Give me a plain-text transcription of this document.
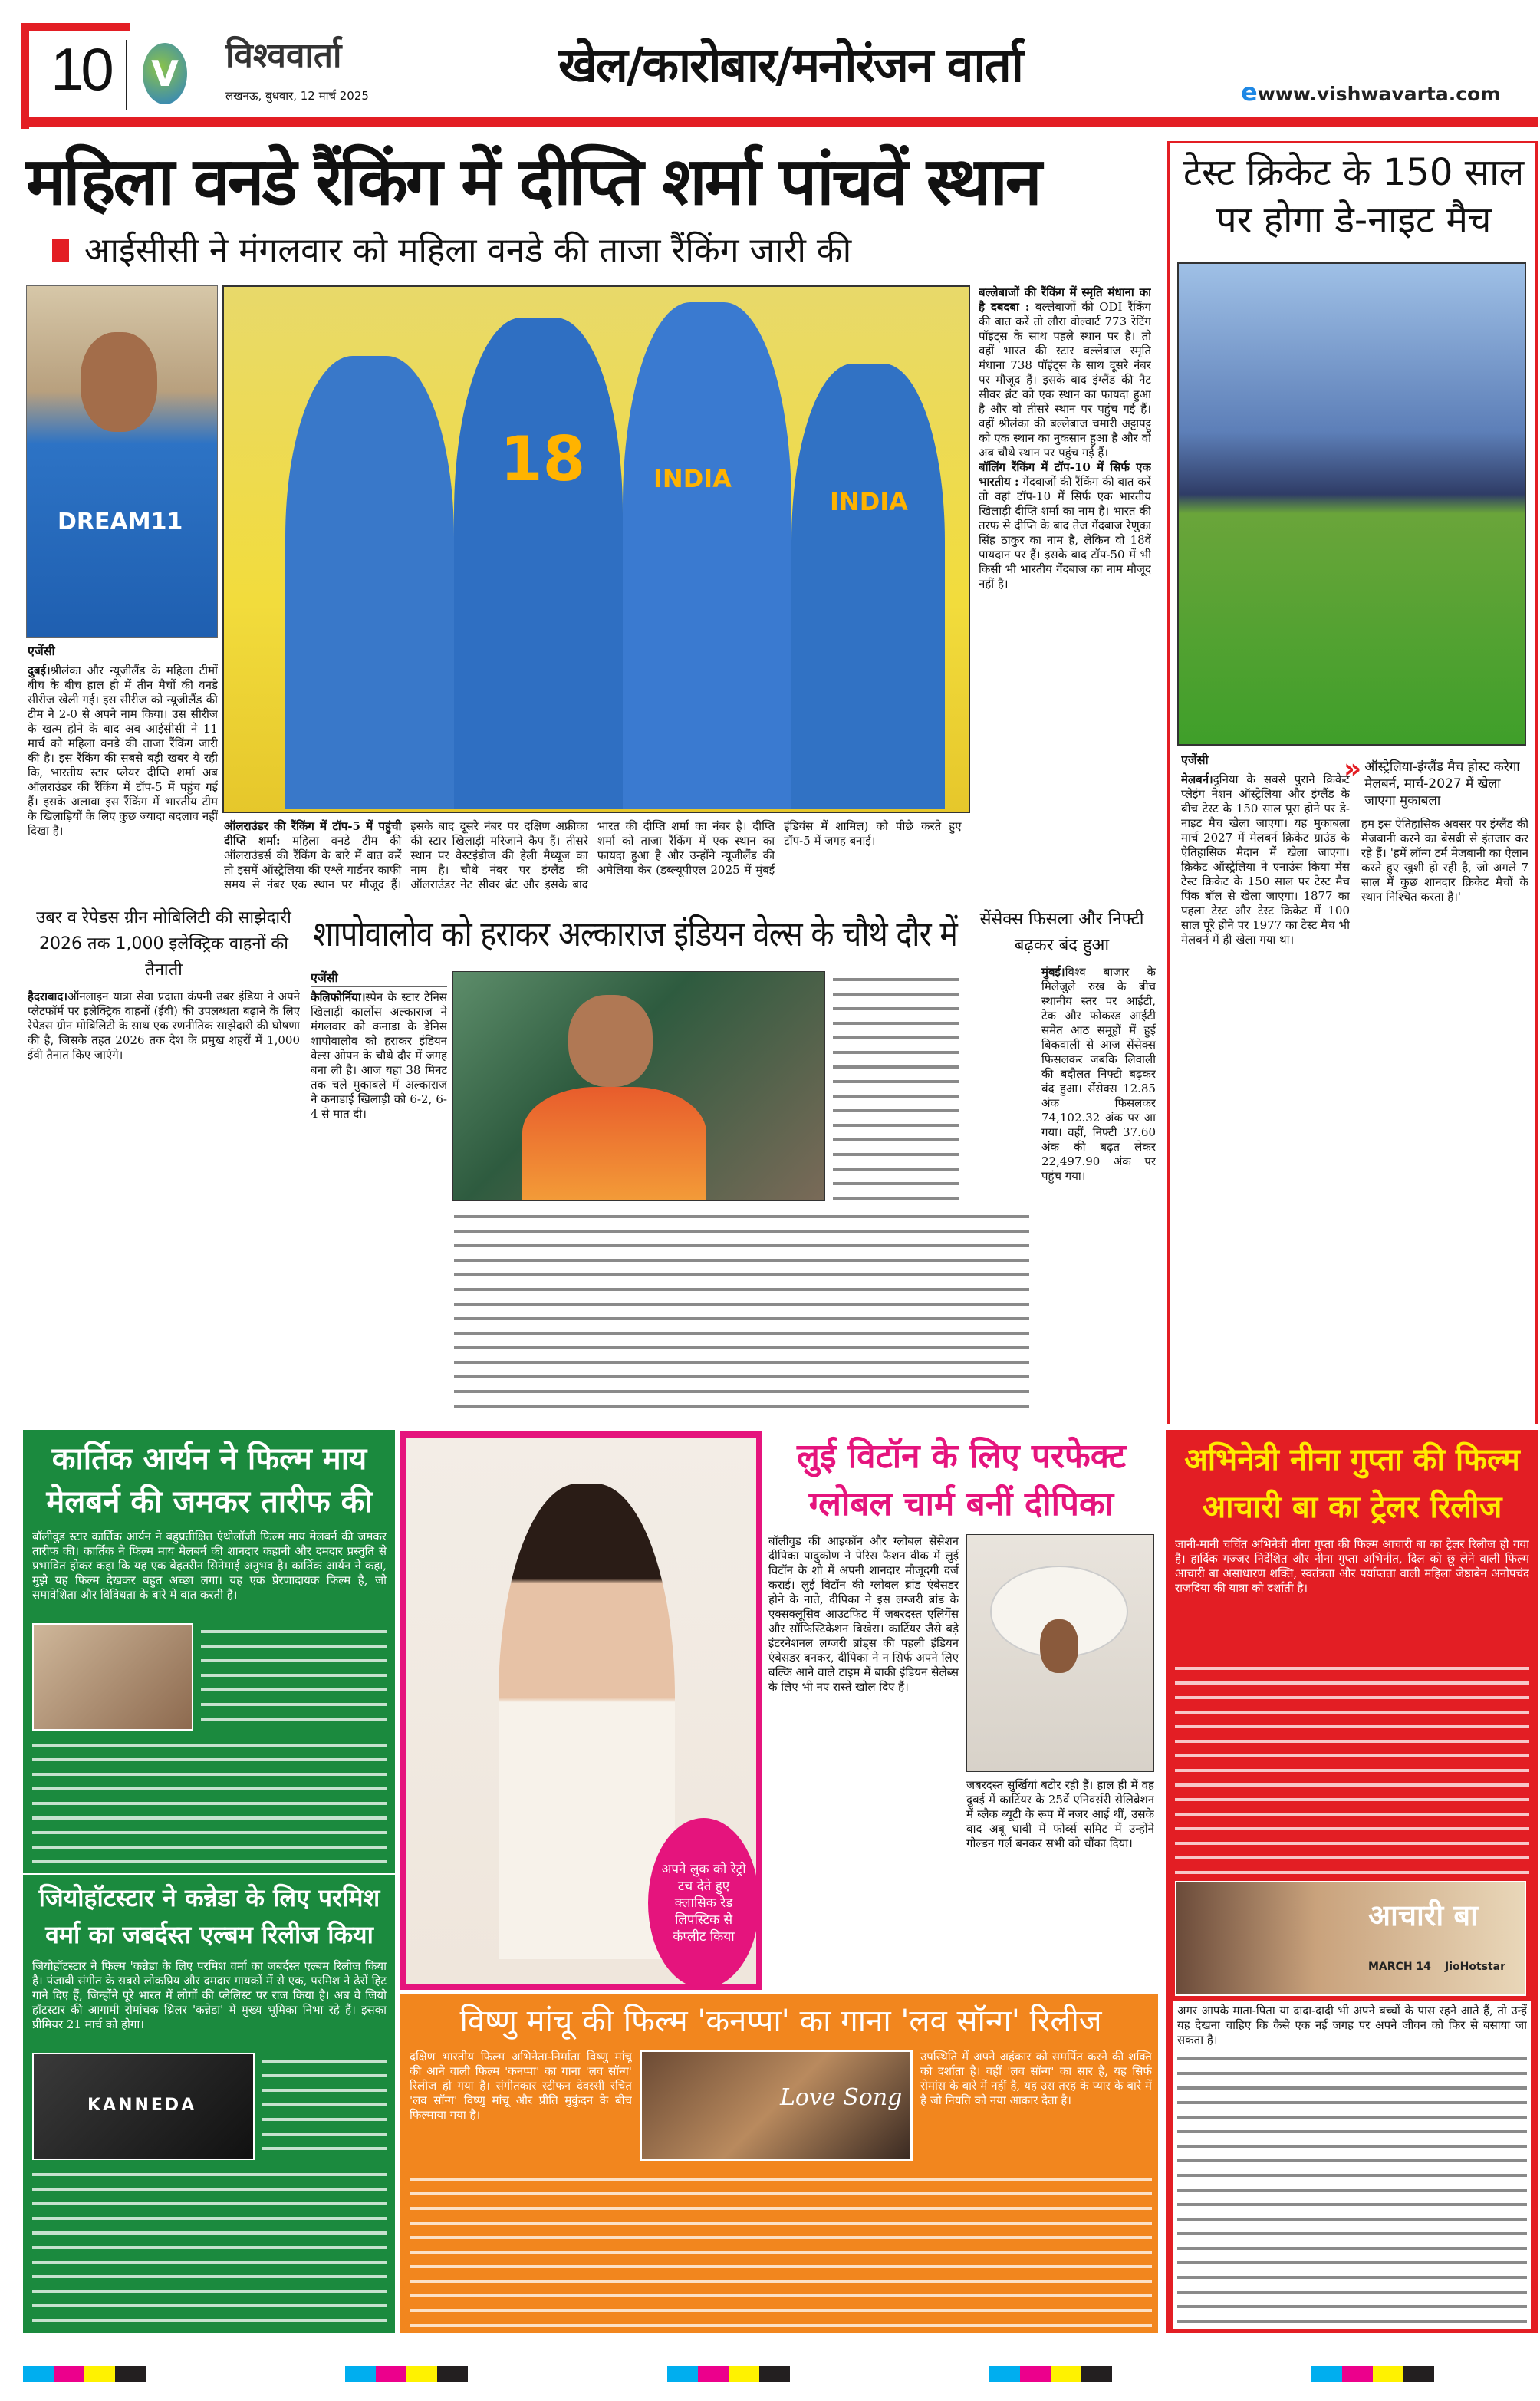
10 V विश्ववार्ता
लखनऊ, बुधवार, 12 मार्च 2025
खेल/कारोबार/मनोरंजन वार्ता	ewww.vishwavarta.com
महिला वनडे रैंकिंग में दीप्ति शर्मा पांचवें स्थान
आईसीसी ने मंगलवार को महिला वनडे की ताजा रैंकिंग जारी की
DREAM11
एजेंसी
दुबई।श्रीलंका और न्यूजीलैंड के महिला टीमों बीच के बीच हाल ही में तीन मैचों की वनडे सीरीज खेली गई। इस सीरीज को न्यूजीलैंड की टीम ने 2-0 से अपने नाम किया। उस सीरीज के खत्म होने के बाद अब आईसीसी ने 11 मार्च को महिला वनडे की ताजा रैंकिंग जारी की है। इस रैंकिंग की सबसे बड़ी खबर ये रही कि, भारतीय स्टार प्लेयर दीप्ति शर्मा अब ऑलराउंडर की रैंकिंग में टॉप-5 में पहुंच गई हैं। इसके अलावा इस रैंकिंग में भारतीय टीम के खिलाड़ियों के लिए कुछ ज्यादा बदलाव नहीं दिखा है।
18	INDIA
INDIA
ऑलराउंडर की रैंकिंग में टॉप-5 में पहुंची दीप्ति शर्मा: महिला वनडे टीम की ऑलराउंडर्स की रैंकिंग के बारे में बात करें तो इसमें ऑस्ट्रेलिया की एश्ले गार्डनर काफी समय से नंबर एक स्थान पर मौजूद हैं। इसके बाद दूसरे नंबर पर दक्षिण अफ्रीका की स्टार खिलाड़ी मरिजाने कैप हैं। तीसरे स्थान पर वेस्टइंडीज की हेली मैथ्यूज का नाम है। चौथे नंबर पर इंग्लैंड की ऑलराउंडर नेट सीवर ब्रंट और इसके बाद भारत की दीप्ति शर्मा का नंबर है। दीप्ति शर्मा को ताजा रैंकिंग में एक स्थान का फायदा हुआ है और उन्होंने न्यूजीलैंड की अमेलिया केर (डब्ल्यूपीएल 2025 में मुंबई इंडियंस में शामिल) को पीछे करते हुए टॉप-5 में जगह बनाई।
बल्लेबाजों की रैंकिंग में स्मृति मंधाना का है दबदबा : बल्लेबाजों की ODI रैंकिंग की बात करें तो लौरा वोल्वार्ट 773 रेटिंग पॉइंट्स के साथ पहले स्थान पर है। तो वहीं भारत की स्टार बल्लेबाज स्मृति मंधाना 738 पॉइंट्स के साथ दूसरे नंबर पर मौजूद हैं। इसके बाद इंग्लैंड की नैट सीवर ब्रंट को एक स्थान का फायदा हुआ है और वो तीसरे स्थान पर पहुंच गई हैं। वहीं श्रीलंका की बल्लेबाज चमारी अट्टापट्टू को एक स्थान का नुकसान हुआ है और वो अब चौथे स्थान पर पहुंच गई हैं।
बॉलिंग रैंकिंग में टॉप-10 में सिर्फ एक भारतीय : गेंदबाजों की रैंकिंग की बात करें तो वहां टॉप-10 में सिर्फ एक भारतीय खिलाड़ी दीप्ति शर्मा का नाम है। भारत की तरफ से दीप्ति के बाद तेज गेंदबाज रेणुका सिंह ठाकुर का नाम है, लेकिन वो 18वें पायदान पर हैं। इसके बाद टॉप-50 में भी किसी भी भारतीय गेंदबाज का नाम मौजूद नहीं है।
टेस्ट क्रिकेट के 150 साल पर होगा डे-नाइट मैच
एजेंसी
मेलबर्न।दुनिया के सबसे पुराने क्रिकेट प्लेइंग नेशन ऑस्ट्रेलिया और इंग्लैंड के बीच टेस्ट के 150 साल पूरा होने पर डे-नाइट मैच खेला जाएगा। यह मुकाबला मार्च 2027 में मेलबर्न क्रिकेट ग्राउंड के ऐतिहासिक मैदान में खेला जाएगा। क्रिकेट ऑस्ट्रेलिया ने एनाउंस किया मेंस टेस्ट क्रिकेट के 150 साल पर टेस्ट मैच पिंक बॉल से खेला जाएगा। 1877 का पहला टेस्ट और टेस्ट क्रिकेट में 100 साल पूरे होने पर 1977 का टेस्ट मैच भी मेलबर्न में ही खेला गया था।
» ऑस्ट्रेलिया-इंग्लैंड मैच होस्ट करेगा मेलबर्न, मार्च-2027 में खेला जाएगा मुकाबला
हम इस ऐतिहासिक अवसर पर इंग्लैंड की मेजबानी करने का बेसब्री से इंतजार कर रहे हैं। 'हमें लॉन्ग टर्म मेजबानी का ऐलान करते हुए खुशी हो रही है, जो अगले 7 साल में कुछ शानदार क्रिकेट मैचों के स्थान निश्चित करता है।'
उबर व रेपेडस ग्रीन मोबिलिटी की साझेदारी 2026 तक 1,000 इलेक्ट्रिक वाहनों की तैनाती
हैदराबाद।ऑनलाइन यात्रा सेवा प्रदाता कंपनी उबर इंडिया ने अपने प्लेटफॉर्म पर इलेक्ट्रिक वाहनों (ईवी) की उपलब्धता बढ़ाने के लिए रेपेडस ग्रीन मोबिलिटी के साथ एक रणनीतिक साझेदारी की घोषणा की है, जिसके तहत 2026 तक देश के प्रमुख शहरों में 1,000 ईवी तैनात किए जाएंगे।
शापोवालोव को हराकर अल्काराज इंडियन वेल्स के चौथे दौर में
एजेंसी
कैलिफोर्निया।स्पेन के स्टार टेनिस खिलाड़ी कार्लोस अल्काराज ने मंगलवार को कनाडा के डेनिस शापोवालोव को हराकर इंडियन वेल्स ओपन के चौथे दौर में जगह बना ली है। आज यहां 38 मिनट तक चले मुकाबले में अल्काराज ने कनाडाई खिलाड़ी को 6-2, 6-4 से मात दी।
सेंसेक्स फिसला और निफ्टी बढ़कर बंद हुआ
मुंबई।विश्व बाजार के मिलेजुले रुख के बीच स्थानीय स्तर पर आईटी, टेक और फोकस्ड आईटी समेत आठ समूहों में हुई बिकवाली से आज सेंसेक्स फिसलकर जबकि लिवाली की बदौलत निफ्टी बढ़कर बंद हुआ। सेंसेक्स 12.85 अंक फिसलकर 74,102.32 अंक पर आ गया। वहीं, निफ्टी 37.60 अंक की बढ़त लेकर 22,497.90 अंक पर पहुंच गया।
कार्तिक आर्यन ने फिल्म माय मेलबर्न की जमकर तारीफ की
बॉलीवुड स्टार कार्तिक आर्यन ने बहुप्रतीक्षित एंथोलॉजी फिल्म माय मेलबर्न की जमकर तारीफ की। कार्तिक ने फिल्म माय मेलबर्न की शानदार कहानी और दमदार प्रस्तुति से प्रभावित होकर कहा कि यह एक बेहतरीन सिनेमाई अनुभव है। कार्तिक आर्यन ने कहा, मुझे यह फिल्म देखकर बहुत अच्छा लगा। यह एक प्रेरणादायक फिल्म है, जो समावेशिता और विविधता के बारे में बात करती है।
जियोहॉटस्टार ने कन्नेडा के लिए परमिश वर्मा का जबर्दस्त एल्बम रिलीज किया
जियोहॉटस्टार ने फिल्म 'कन्नेडा के लिए परमिश वर्मा का जबर्दस्त एल्बम रिलीज किया है। पंजाबी संगीत के सबसे लोकप्रिय और दमदार गायकों में से एक, परमिश ने ढेरों हिट गाने दिए हैं, जिन्होंने पूरे भारत में लोगों की प्लेलिस्ट पर राज किया है। अब वे जियो हॉटस्टार की आगामी रोमांचक थ्रिलर 'कन्नेडा' में मुख्य भूमिका निभा रहे हैं। इसका प्रीमियर 21 मार्च को होगा।
KANNEDA
अपने लुक को रेट्रो टच देते हुए क्लासिक रेड लिपस्टिक से कंप्लीट किया
लुई विटॉन के लिए परफेक्ट ग्लोबल चार्म बनीं दीपिका
बॉलीवुड की आइकॉन और ग्लोबल सेंसेशन दीपिका पादुकोण ने पेरिस फैशन वीक में लुई विटॉन के शो में अपनी शानदार मौजूदगी दर्ज कराई। लुई विटॉन की ग्लोबल ब्रांड एंबेसडर होने के नाते, दीपिका ने इस लग्जरी ब्रांड के एक्सक्लूसिव आउटफिट में जबरदस्त एलिगेंस और सॉफिस्टिकेशन बिखेरा। कार्टियर जैसे बड़े इंटरनेशनल लग्जरी ब्रांड्स की पहली इंडियन एंबेसडर बनकर, दीपिका ने न सिर्फ अपने लिए बल्कि आने वाले टाइम में बाकी इंडियन सेलेब्स के लिए भी नए रास्ते खोल दिए हैं।
जबरदस्त सुर्खियां बटोर रही हैं। हाल ही में वह दुबई में कार्टियर के 25वें एनिवर्सरी सेलिब्रेशन में ब्लैक ब्यूटी के रूप में नजर आई थीं, उसके बाद अबू धाबी में फोर्ब्स समिट में उन्होंने गोल्डन गर्ल बनकर सभी को चौंका दिया।
विष्णु मांचू की फिल्म 'कनप्पा' का गाना 'लव सॉन्ग' रिलीज
दक्षिण भारतीय फिल्म अभिनेता-निर्माता विष्णु मांचू की आने वाली फिल्म 'कनप्पा' का गाना 'लव सॉन्ग' रिलीज हो गया है। संगीतकार स्टीफन देवस्सी रचित 'लव सॉन्ग' विष्णु मांचू और प्रीति मुकुंदन के बीच फिल्माया गया है।
Love Song
उपस्थिति में अपने अहंकार को समर्पित करने की शक्ति को दर्शाता है। वहीं 'लव सॉन्ग' का सार है, यह सिर्फ रोमांस के बारे में नहीं है, यह उस तरह के प्यार के बारे में है जो नियति को नया आकार देता है।
अभिनेत्री नीना गुप्ता की फिल्म आचारी बा का ट्रेलर रिलीज
जानी-मानी चर्चित अभिनेत्री नीना गुप्ता की फिल्म आचारी बा का ट्रेलर रिलीज हो गया है। हार्दिक गज्जर निर्देशित और नीना गुप्ता अभिनीत, दिल को छू लेने वाली फिल्म आचारी बा असाधारण शक्ति, स्वतंत्रता और पर्याप्तता वाली महिला जेष्ठाबेन अनोपचंद राजदिया की यात्रा को दर्शाती है।
आचारी बा
MARCH 14 JioHotstar
अगर आपके माता-पिता या दादा-दादी भी अपने बच्चों के पास रहने आते हैं, तो उन्हें यह देखना चाहिए कि कैसे एक नई जगह पर अपने जीवन को फिर से बसाया जा सकता है।
